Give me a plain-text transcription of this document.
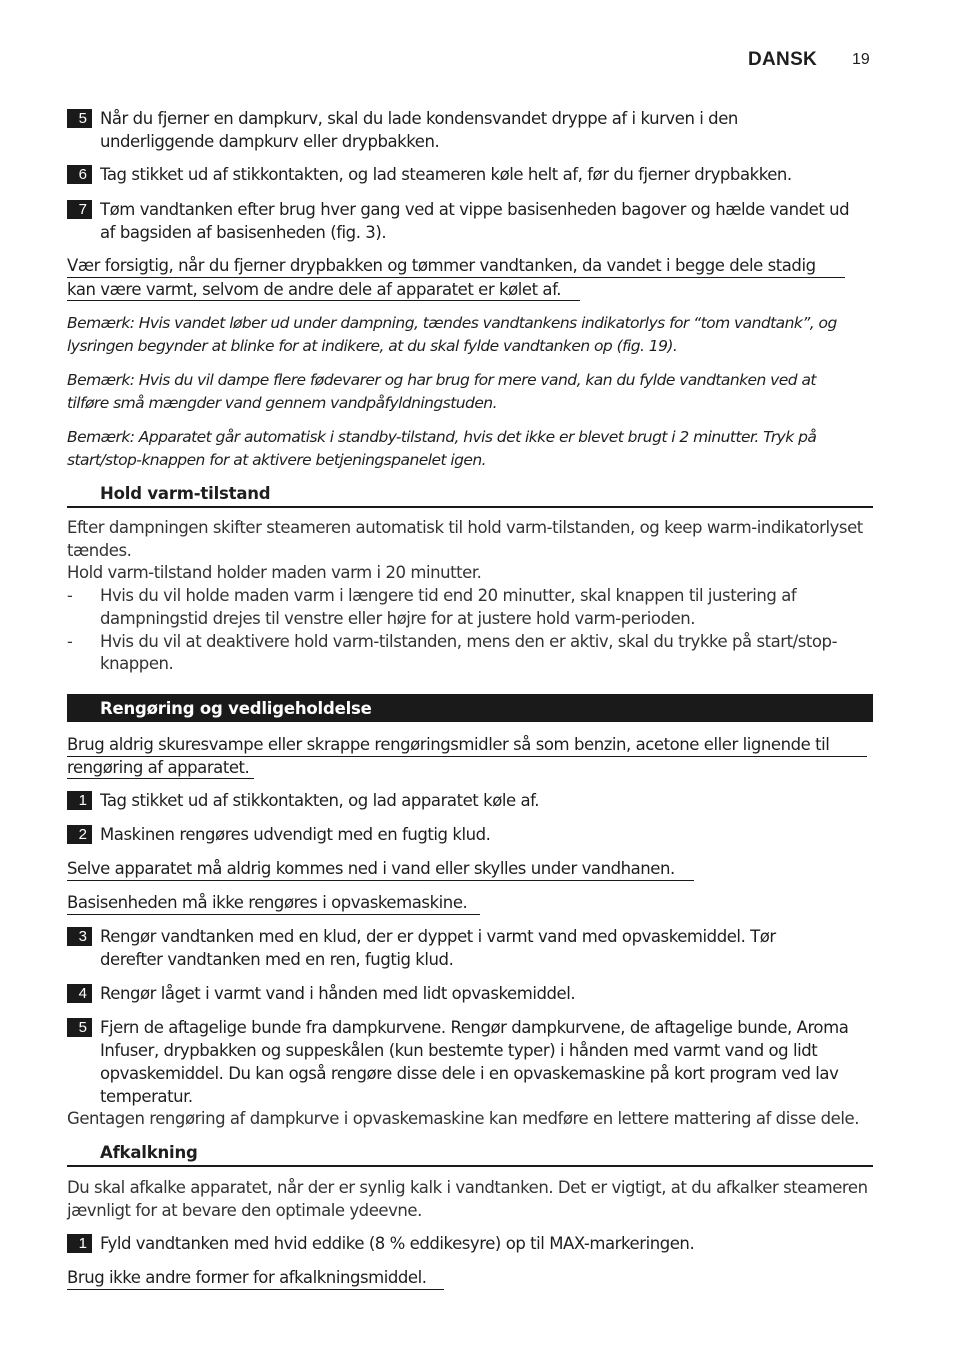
DANSK 19
5 Når du fjerner en dampkurv, skal du lade kondensvandet dryppe af i kurven i den
underliggende dampkurv eller drypbakken.
6 Tag stikket ud af stikkontakten, og lad steameren køle helt af, før du fjerner drypbakken.
7 Tøm vandtanken efter brug hver gang ved at vippe basisenheden bagover og hælde vandet ud
af bagsiden af basisenheden (fig. 3).
Vær forsigtig, når du fjerner drypbakken og tømmer vandtanken, da vandet i begge dele stadig
kan være varmt, selvom de andre dele af apparatet er kølet af.
Bemærk: Hvis vandet løber ud under dampning, tændes vandtankens indikatorlys for “tom vandtank”, og
lysringen begynder at blinke for at indikere, at du skal fylde vandtanken op (fig. 19).
Bemærk: Hvis du vil dampe flere fødevarer og har brug for mere vand, kan du fylde vandtanken ved at
tilføre små mængder vand gennem vandpåfyldningstuden.
Bemærk: Apparatet går automatisk i standby-tilstand, hvis det ikke er blevet brugt i 2 minutter. Tryk på
start/stop-knappen for at aktivere betjeningspanelet igen.
Hold varm-tilstand
Efter dampningen skifter steameren automatisk til hold varm-tilstanden, og keep warm-indikatorlyset
tændes.
Hold varm-tilstand holder maden varm i 20 minutter.
- Hvis du vil holde maden varm i længere tid end 20 minutter, skal knappen til justering af
dampningstid drejes til venstre eller højre for at justere hold varm-perioden.
- Hvis du vil at deaktivere hold varm-tilstanden, mens den er aktiv, skal du trykke på start/stop-
knappen.
Rengøring og vedligeholdelse
Brug aldrig skuresvampe eller skrappe rengøringsmidler så som benzin, acetone eller lignende til
rengøring af apparatet.
1 Tag stikket ud af stikkontakten, og lad apparatet køle af.
2 Maskinen rengøres udvendigt med en fugtig klud.
Selve apparatet må aldrig kommes ned i vand eller skylles under vandhanen.
Basisenheden må ikke rengøres i opvaskemaskine.
3 Rengør vandtanken med en klud, der er dyppet i varmt vand med opvaskemiddel. Tør
derefter vandtanken med en ren, fugtig klud.
4 Rengør låget i varmt vand i hånden med lidt opvaskemiddel.
5 Fjern de aftagelige bunde fra dampkurvene. Rengør dampkurvene, de aftagelige bunde, Aroma
Infuser, drypbakken og suppeskålen (kun bestemte typer) i hånden med varmt vand og lidt
opvaskemiddel. Du kan også rengøre disse dele i en opvaskemaskine på kort program ved lav
temperatur.
Gentagen rengøring af dampkurve i opvaskemaskine kan medføre en lettere mattering af disse dele.
Afkalkning
Du skal afkalke apparatet, når der er synlig kalk i vandtanken. Det er vigtigt, at du afkalker steameren
jævnligt for at bevare den optimale ydeevne.
1 Fyld vandtanken med hvid eddike (8 % eddikesyre) op til MAX-markeringen.
Brug ikke andre former for afkalkningsmiddel.
